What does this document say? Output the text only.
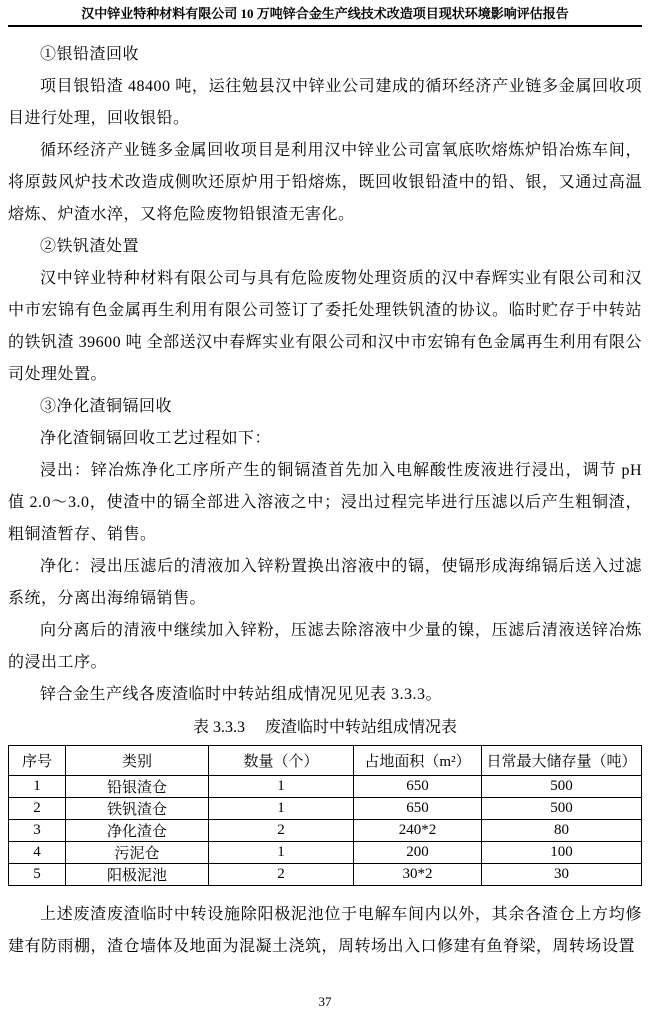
汉中锌业特种材料有限公司 10 万吨锌合金生产线技术改造项目现状环境影响评估报告

①银铅渣回收

项目银铅渣 48400 吨，运往勉县汉中锌业公司建成的循环经济产业链多金属回收项目进行处理，回收银铅。

循环经济产业链多金属回收项目是利用汉中锌业公司富氧底吹熔炼炉铅冶炼车间，将原鼓风炉技术改造成侧吹还原炉用于铅熔炼，既回收银铅渣中的铅、银，又通过高温熔炼、炉渣水淬，又将危险废物铅银渣无害化。

②铁钒渣处置

汉中锌业特种材料有限公司与具有危险废物处理资质的汉中春辉实业有限公司和汉中市宏锦有色金属再生利用有限公司签订了委托处理铁钒渣的协议。临时贮存于中转站的铁钒渣 39600 吨 全部送汉中春辉实业有限公司和汉中市宏锦有色金属再生利用有限公司处理处置。

③净化渣铜镉回收

净化渣铜镉回收工艺过程如下：

浸出：锌冶炼净化工序所产生的铜镉渣首先加入电解酸性废液进行浸出，调节 pH 值 2.0～3.0，使渣中的镉全部进入溶液之中；浸出过程完毕进行压滤以后产生粗铜渣，粗铜渣暂存、销售。

净化：浸出压滤后的清液加入锌粉置换出溶液中的镉，使镉形成海绵镉后送入过滤系统，分离出海绵镉销售。

向分离后的清液中继续加入锌粉，压滤去除溶液中少量的镍，压滤后清液送锌冶炼的浸出工序。

锌合金生产线各废渣临时中转站组成情况见见表 3.3.3。

表 3.3.3 废渣临时中转站组成情况表
序号	类别	数量（个）	占地面积（m²）	日常最大储存量（吨）
1	铅银渣仓	1	650	500
2	铁钒渣仓	1	650	500
3	净化渣仓	2	240*2	80
4	污泥仓	1	200	100
5	阳极泥池	2	30*2	30

上述废渣废渣临时中转设施除阳极泥池位于电解车间内以外，其余各渣仓上方均修建有防雨棚，渣仓墙体及地面为混凝土浇筑，周转场出入口修建有鱼脊梁，周转场设置

37
